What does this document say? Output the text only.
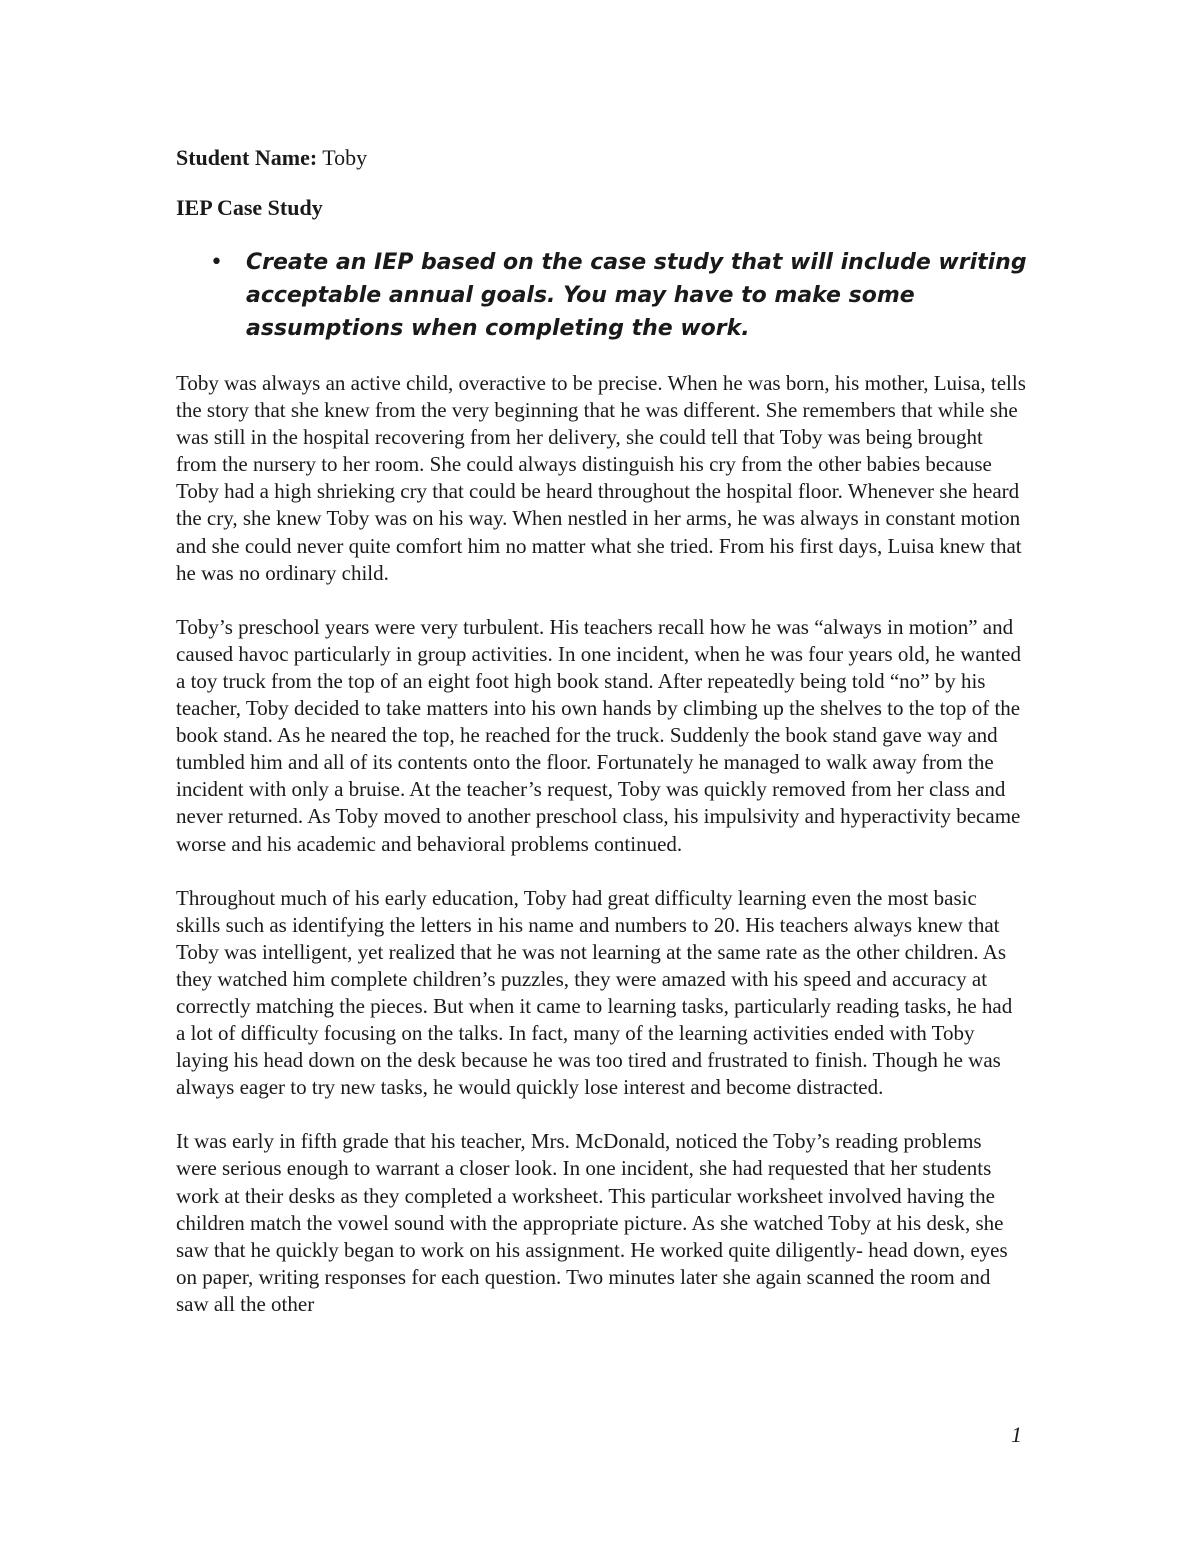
Student Name: Toby
IEP Case Study
• Create an IEP based on the case study that will include writing acceptable annual goals. You may have to make some assumptions when completing the work.

Toby was always an active child, overactive to be precise. When he was born, his mother, Luisa, tells the story that she knew from the very beginning that he was different. She remembers that while she was still in the hospital recovering from her delivery, she could tell that Toby was being brought from the nursery to her room. She could always distinguish his cry from the other babies because Toby had a high shrieking cry that could be heard throughout the hospital floor. Whenever she heard the cry, she knew Toby was on his way. When nestled in her arms, he was always in constant motion and she could never quite comfort him no matter what she tried. From his first days, Luisa knew that he was no ordinary child.

Toby’s preschool years were very turbulent. His teachers recall how he was “always in motion” and caused havoc particularly in group activities. In one incident, when he was four years old, he wanted a toy truck from the top of an eight foot high book stand. After repeatedly being told “no” by his teacher, Toby decided to take matters into his own hands by climbing up the shelves to the top of the book stand. As he neared the top, he reached for the truck. Suddenly the book stand gave way and tumbled him and all of its contents onto the floor. Fortunately he managed to walk away from the incident with only a bruise. At the teacher’s request, Toby was quickly removed from her class and never returned. As Toby moved to another preschool class, his impulsivity and hyperactivity became worse and his academic and behavioral problems continued.

Throughout much of his early education, Toby had great difficulty learning even the most basic skills such as identifying the letters in his name and numbers to 20. His teachers always knew that Toby was intelligent, yet realized that he was not learning at the same rate as the other children. As they watched him complete children’s puzzles, they were amazed with his speed and accuracy at correctly matching the pieces. But when it came to learning tasks, particularly reading tasks, he had a lot of difficulty focusing on the talks. In fact, many of the learning activities ended with Toby laying his head down on the desk because he was too tired and frustrated to finish. Though he was always eager to try new tasks, he would quickly lose interest and become distracted.

It was early in fifth grade that his teacher, Mrs. McDonald, noticed the Toby’s reading problems were serious enough to warrant a closer look. In one incident, she had requested that her students work at their desks as they completed a worksheet. This particular worksheet involved having the children match the vowel sound with the appropriate picture. As she watched Toby at his desk, she saw that he quickly began to work on his assignment. He worked quite diligently- head down, eyes on paper, writing responses for each question. Two minutes later she again scanned the room and saw all the other

1
